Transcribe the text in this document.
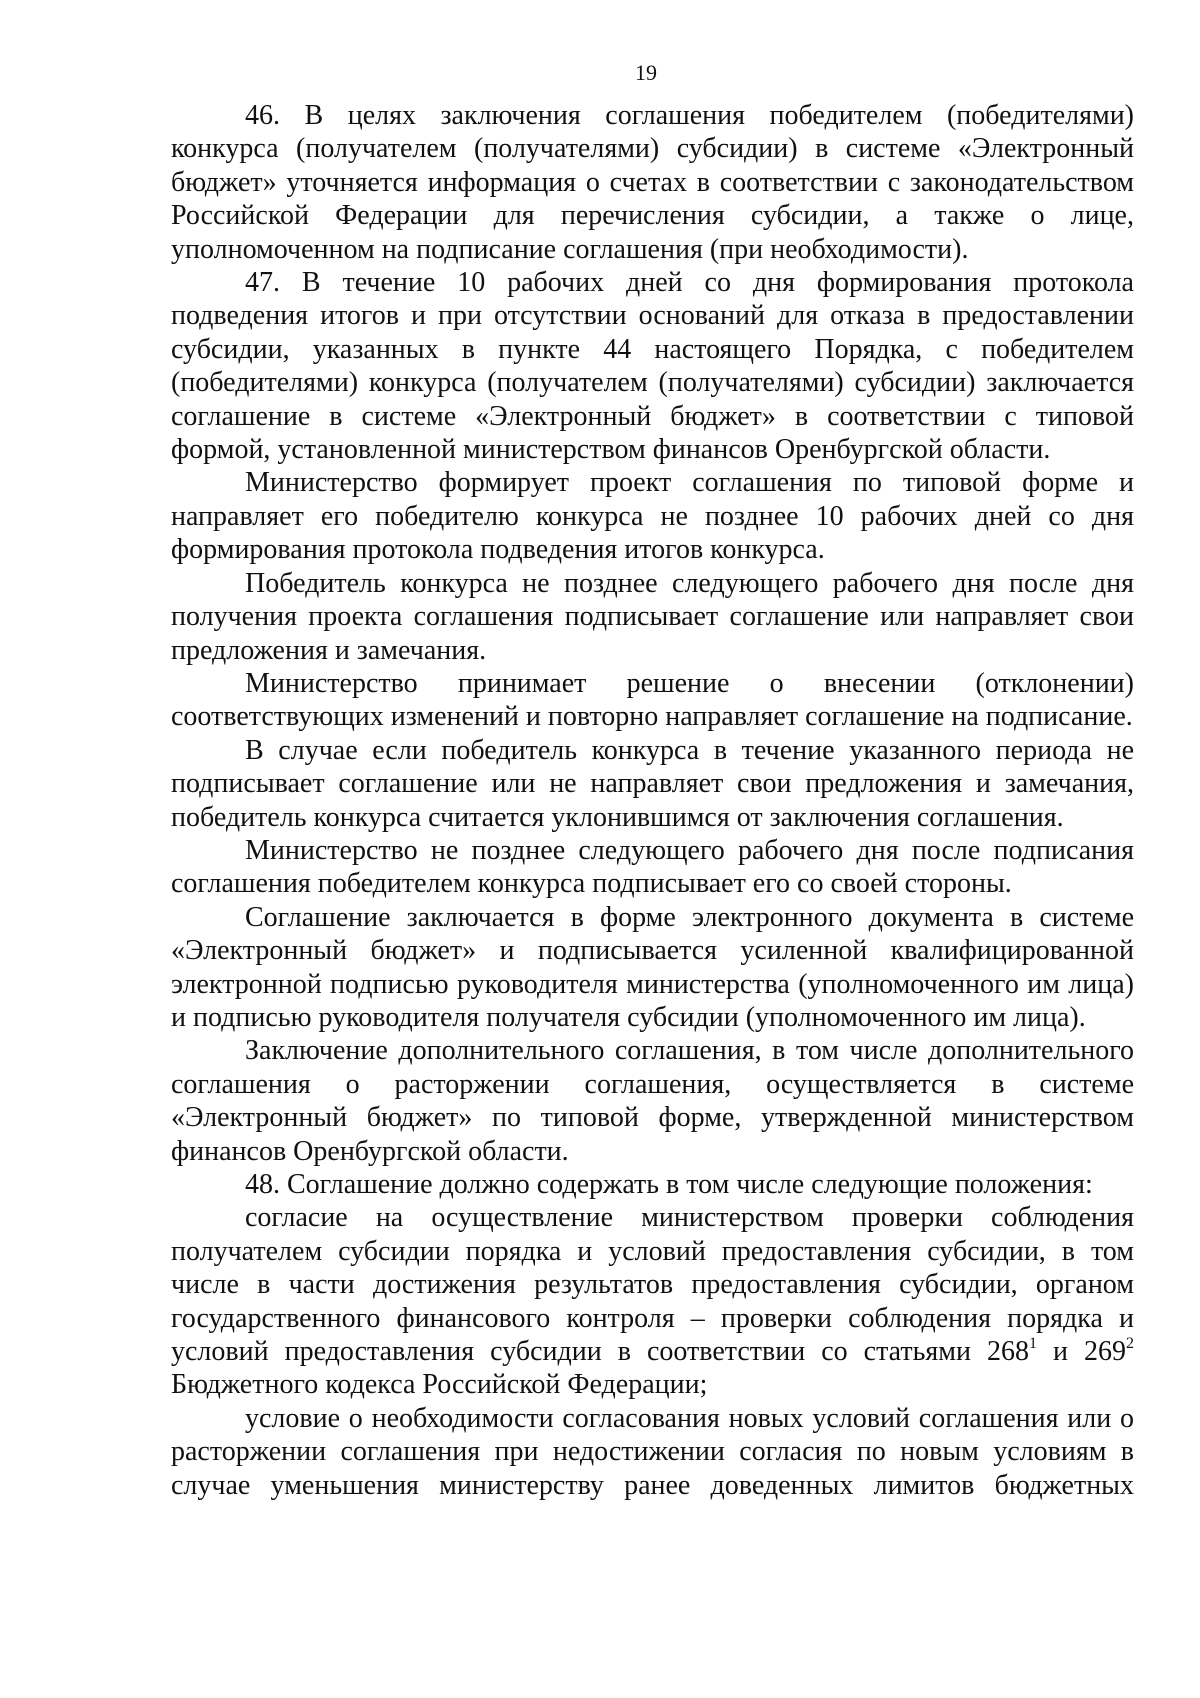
19

46. В целях заключения соглашения победителем (победителями) конкурса (получателем (получателями) субсидии) в системе «Электронный бюджет» уточняется информация о счетах в соответствии с законодательством Российской Федерации для перечисления субсидии, а также о лице, уполномоченном на подписание соглашения (при необходимости).

47. В течение 10 рабочих дней со дня формирования протокола подведения итогов и при отсутствии оснований для отказа в предоставлении субсидии, указанных в пункте 44 настоящего Порядка, с победителем (победителями) конкурса (получателем (получателями) субсидии) заключается соглашение в системе «Электронный бюджет» в соответствии с типовой формой, установленной министерством финансов Оренбургской области.

Министерство формирует проект соглашения по типовой форме и направляет его победителю конкурса не позднее 10 рабочих дней со дня формирования протокола подведения итогов конкурса.

Победитель конкурса не позднее следующего рабочего дня после дня получения проекта соглашения подписывает соглашение или направляет свои предложения и замечания.

Министерство принимает решение о внесении (отклонении) соответствующих изменений и повторно направляет соглашение на подписание.

В случае если победитель конкурса в течение указанного периода не подписывает соглашение или не направляет свои предложения и замечания, победитель конкурса считается уклонившимся от заключения соглашения.

Министерство не позднее следующего рабочего дня после подписания соглашения победителем конкурса подписывает его со своей стороны.

Соглашение заключается в форме электронного документа в системе «Электронный бюджет» и подписывается усиленной квалифицированной электронной подписью руководителя министерства (уполномоченного им лица) и подписью руководителя получателя субсидии (уполномоченного им лица).

Заключение дополнительного соглашения, в том числе дополнительного соглашения о расторжении соглашения, осуществляется в системе «Электронный бюджет» по типовой форме, утвержденной министерством финансов Оренбургской области.

48. Соглашение должно содержать в том числе следующие положения:

согласие на осуществление министерством проверки соблюдения получателем субсидии порядка и условий предоставления субсидии, в том числе в части достижения результатов предоставления субсидии, органом государственного финансового контроля – проверки соблюдения порядка и условий предоставления субсидии в соответствии со статьями $268^1$ и $269^2$ Бюджетного кодекса Российской Федерации;

условие о необходимости согласования новых условий соглашения или о расторжении соглашения при недостижении согласия по новым условиям в случае уменьшения министерству ранее доведенных лимитов бюджетных
